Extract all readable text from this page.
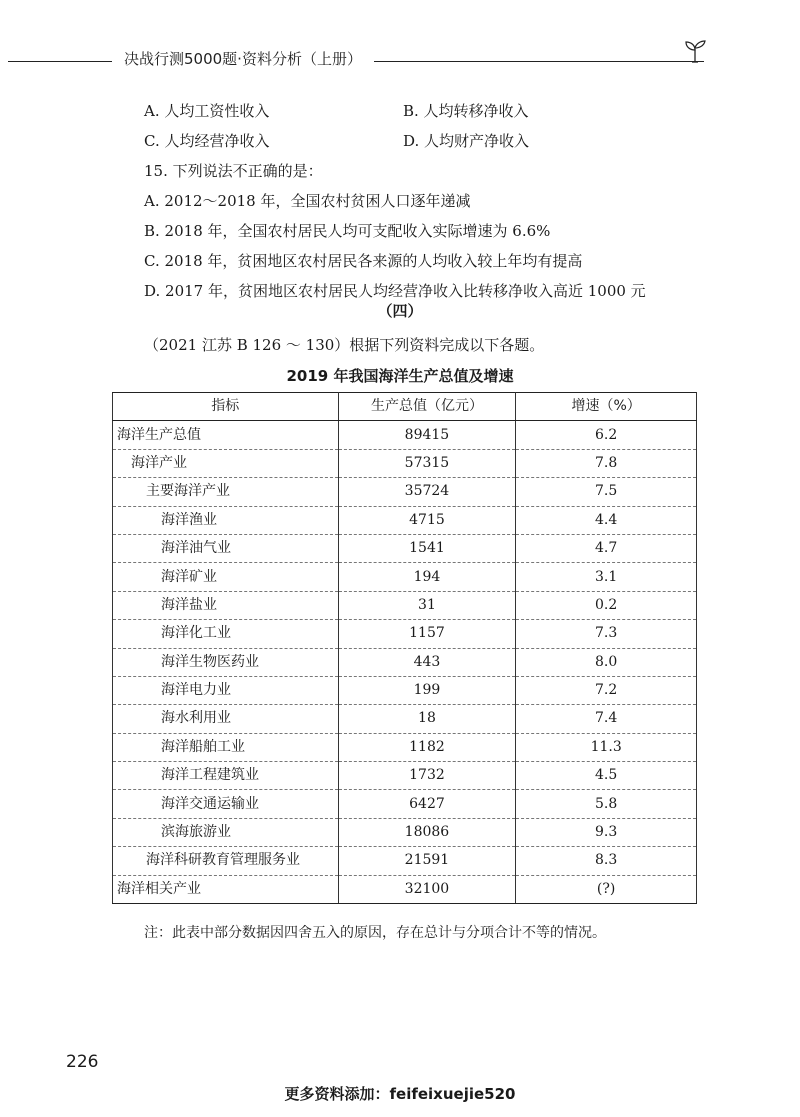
决战行测5000题·资料分析（上册）
A. 人均工资性收入	B. 人均转移净收入
C. 人均经营净收入	D. 人均财产净收入
15. 下列说法不正确的是：
A. 2012～2018 年，全国农村贫困人口逐年递减
B. 2018 年，全国农村居民人均可支配收入实际增速为 6.6%
C. 2018 年，贫困地区农村居民各来源的人均收入较上年均有提高
D. 2017 年，贫困地区农村居民人均经营净收入比转移净收入高近 1000 元
（四）
（2021 江苏 B 126 ～ 130）根据下列资料完成以下各题。
2019 年我国海洋生产总值及增速
指标	生产总值（亿元）	增速（%）
海洋生产总值	89415	6.2
海洋产业	57315	7.8
主要海洋产业	35724	7.5
海洋渔业	4715	4.4
海洋油气业	1541	4.7
海洋矿业	194	3.1
海洋盐业	31	0.2
海洋化工业	1157	7.3
海洋生物医药业	443	8.0
海洋电力业	199	7.2
海水利用业	18	7.4
海洋船舶工业	1182	11.3
海洋工程建筑业	1732	4.5
海洋交通运输业	6427	5.8
滨海旅游业	18086	9.3
海洋科研教育管理服务业	21591	8.3
海洋相关产业	32100	(?)
注：此表中部分数据因四舍五入的原因，存在总计与分项合计不等的情况。
226
更多资料添加：feifeixuejie520
